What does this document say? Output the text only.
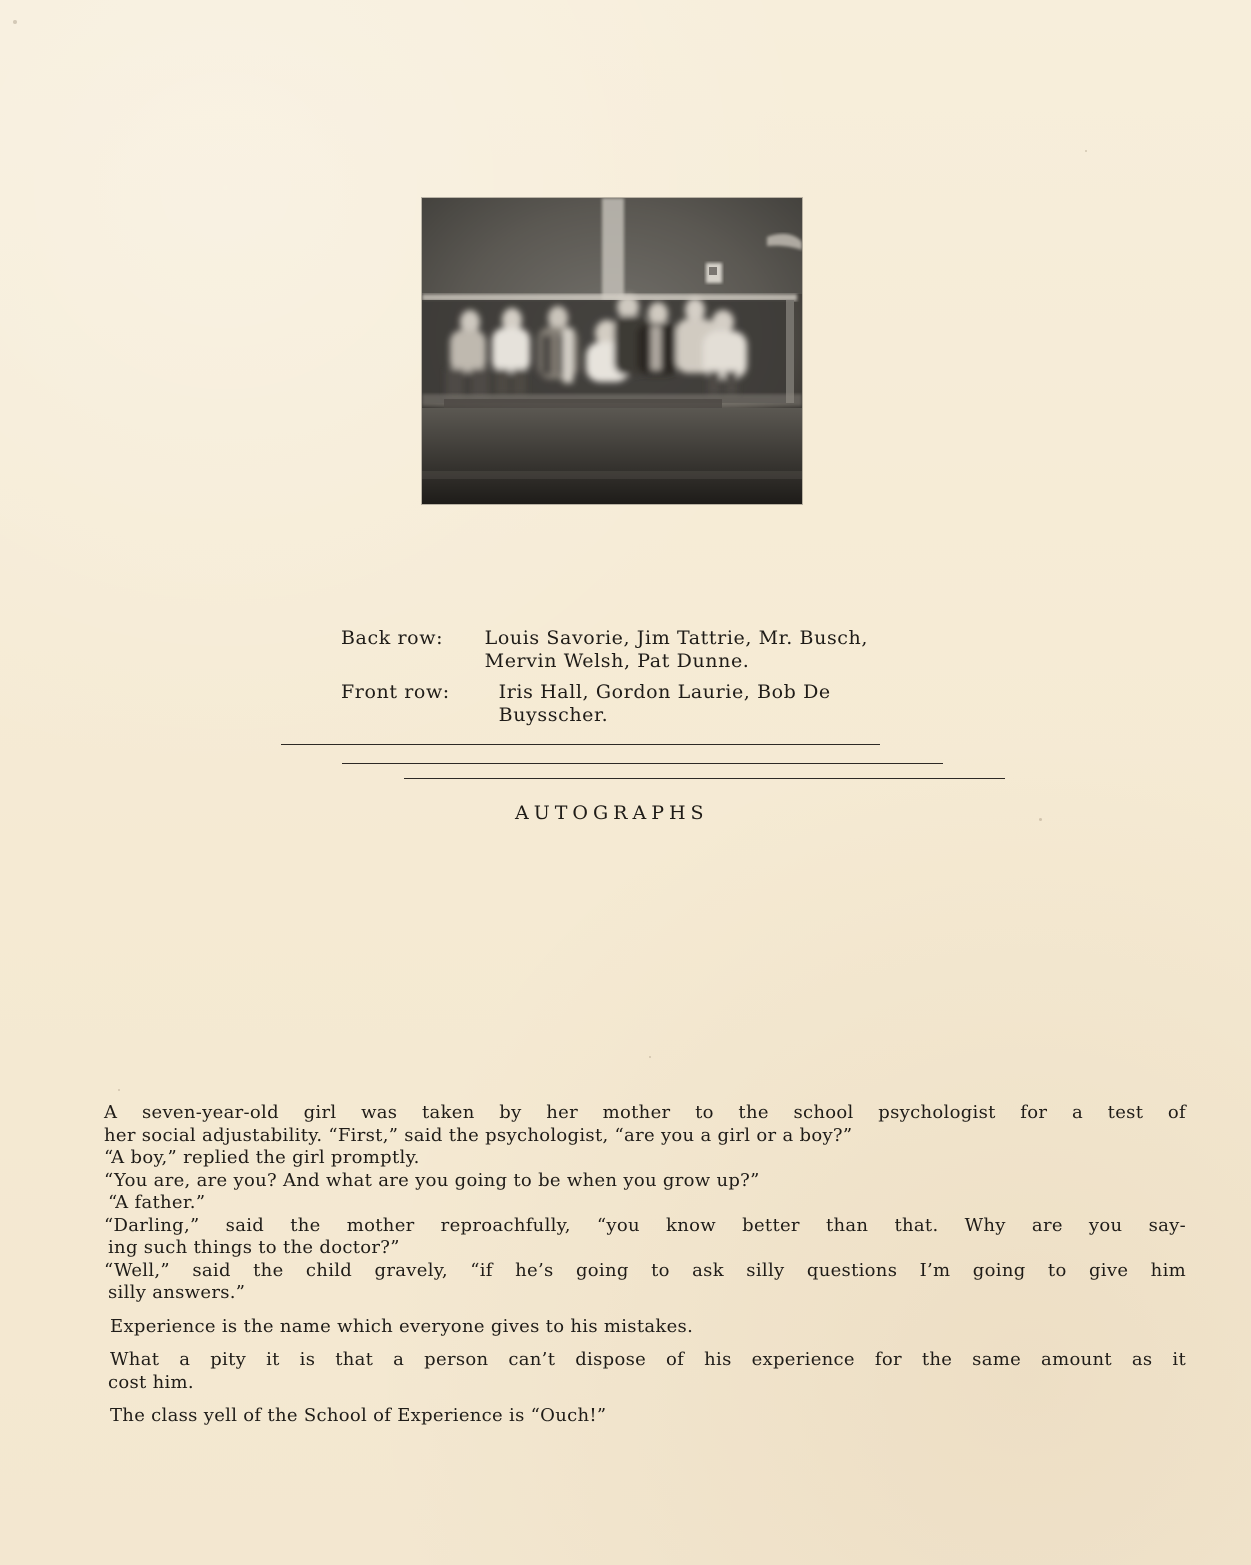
Back row: Louis Savorie, Jim Tattrie, Mr. Busch,
Mervin Welsh, Pat Dunne.
Front row:	Iris Hall, Gordon Laurie, Bob De
Buysscher.
AUTOGRAPHS
A seven-year-old girl was taken by her mother to the school psychologist for a test of
her social adjustability. “First,” said the psychologist, “are you a girl or a boy?”
“A boy,” replied the girl promptly.
“You are, are you? And what are you going to be when you grow up?”
“A father.”
“Darling,” said the mother reproachfully, “you know better than that. Why are you say-
ing such things to the doctor?”
“Well,” said the child gravely, “if he’s going to ask silly questions I’m going to give him
silly answers.”
Experience is the name which everyone gives to his mistakes.
What a pity it is that a person can’t dispose of his experience for the same amount as it
cost him.
The class yell of the School of Experience is “Ouch!”
